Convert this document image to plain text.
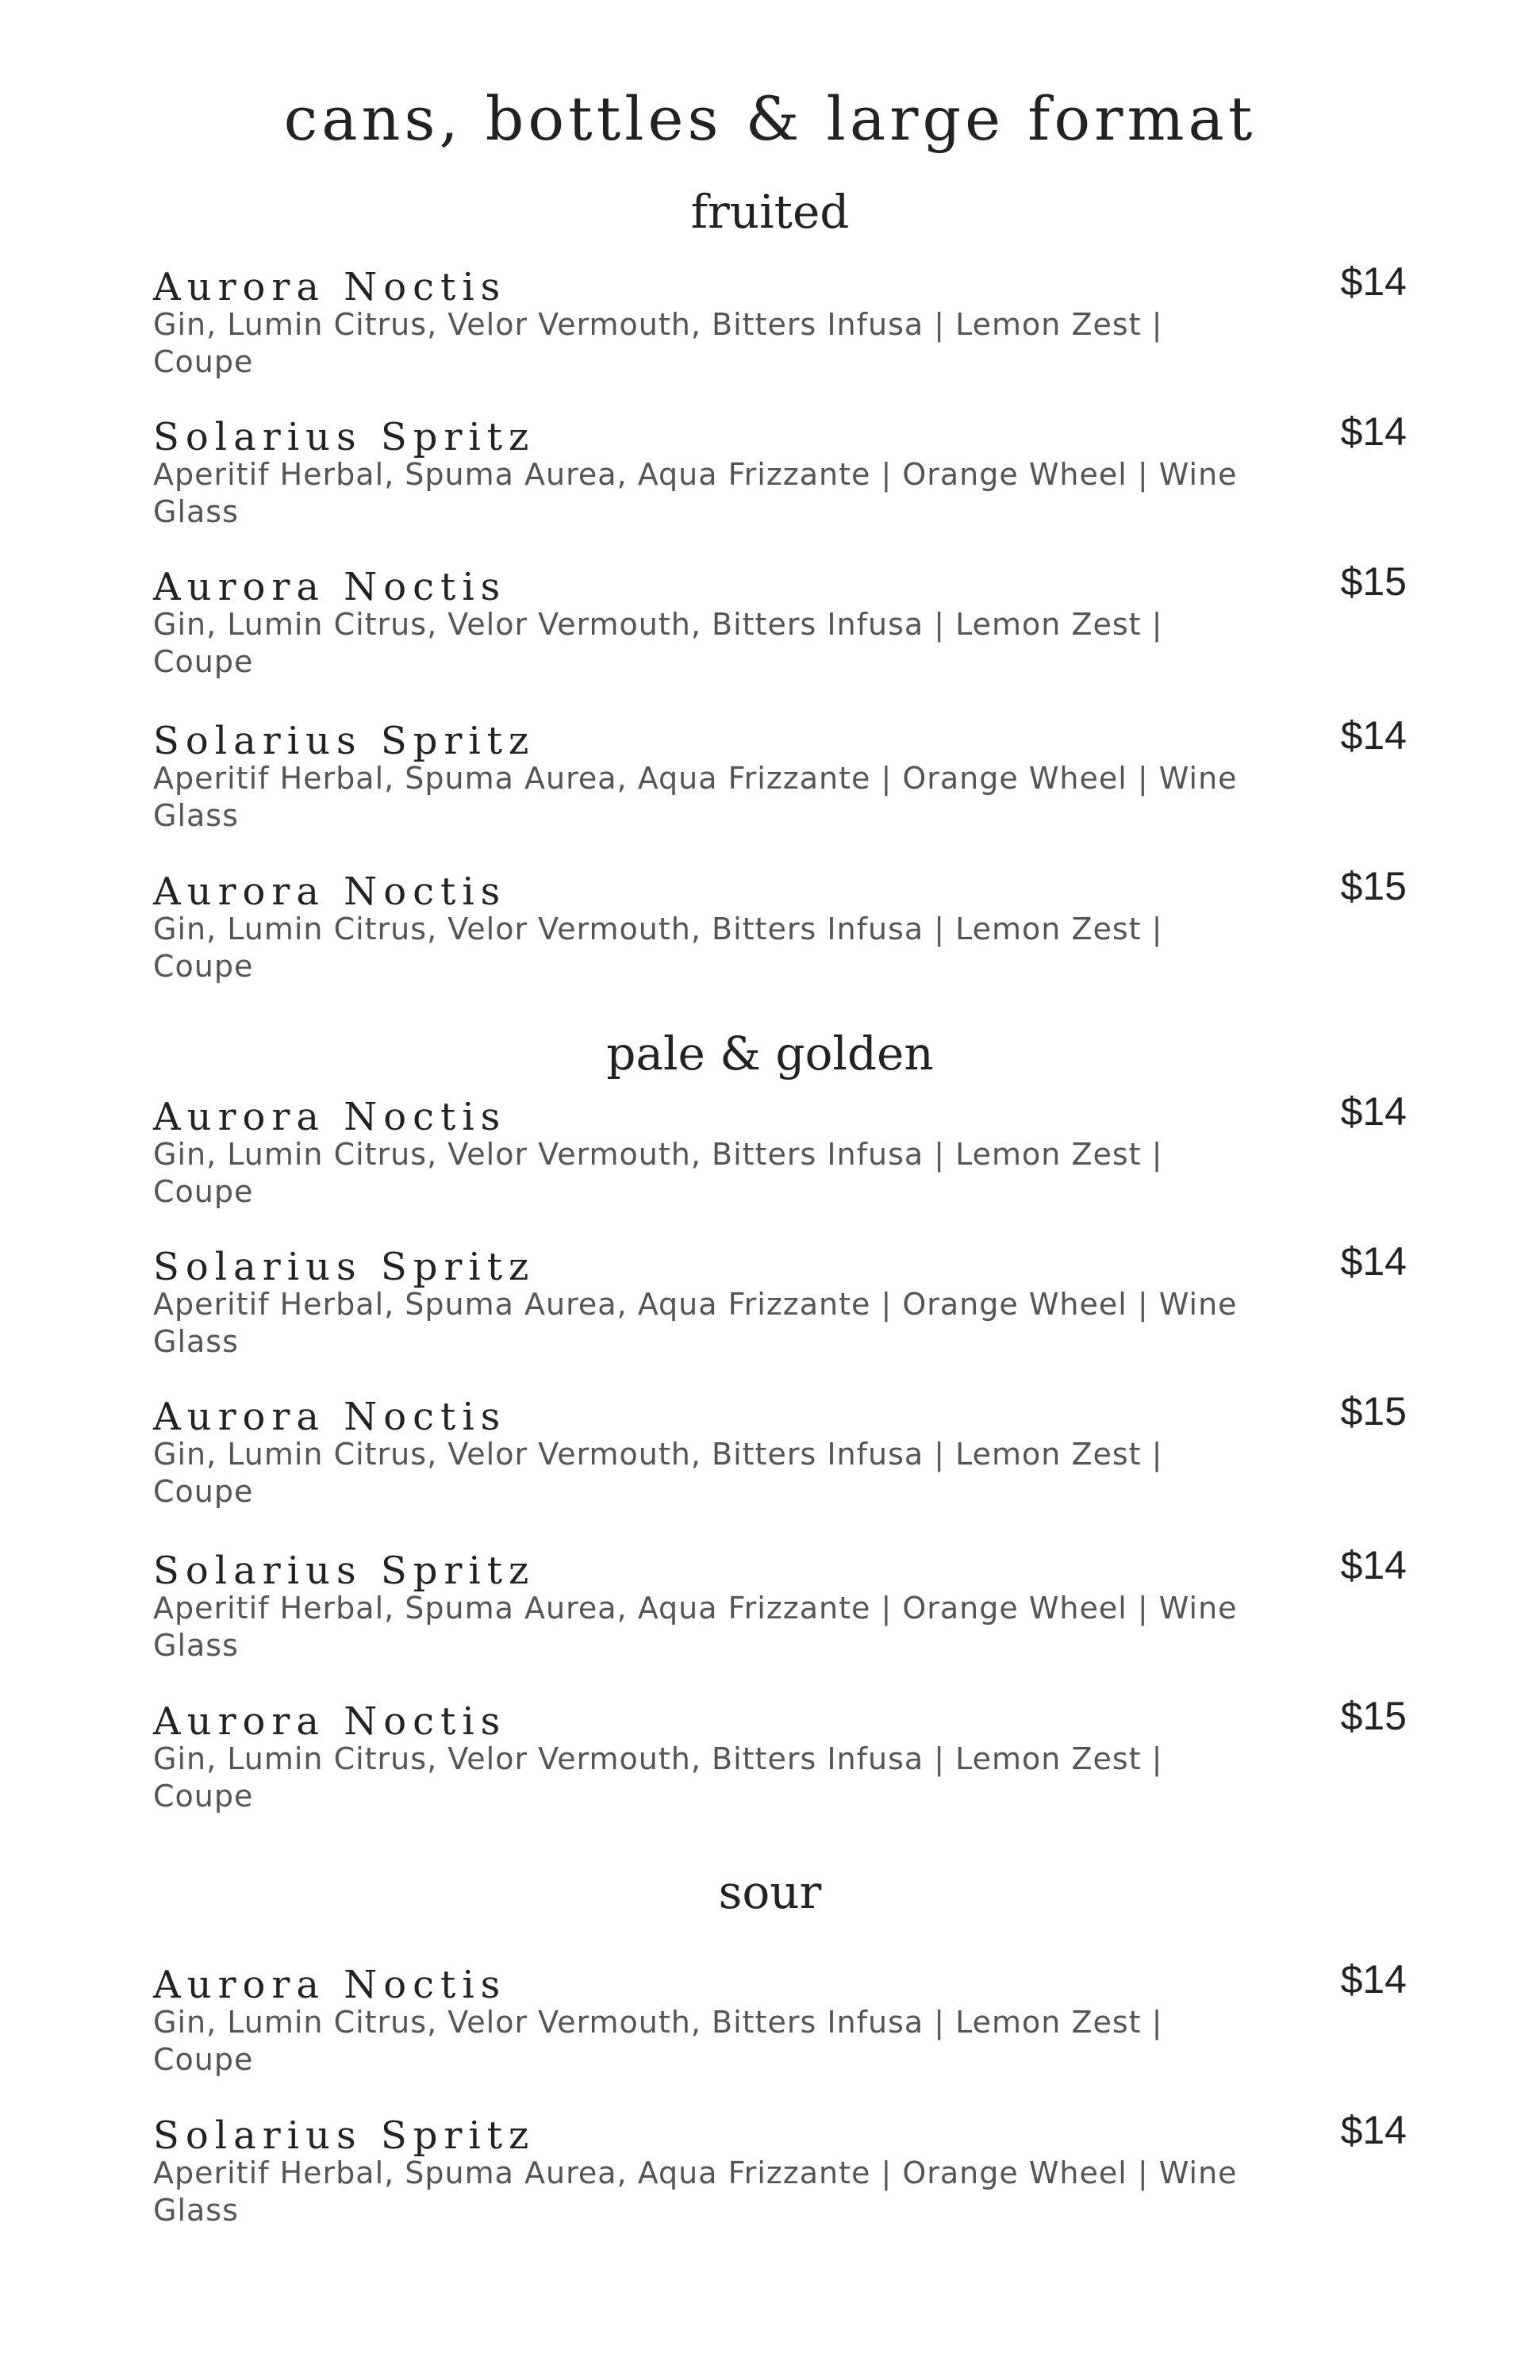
cans, bottles & large format
fruited
Aurora Noctis
Gin, Lumin Citrus, Velor Vermouth, Bitters Infusa | Lemon Zest | Coupe
$14
Solarius Spritz
Aperitif Herbal, Spuma Aurea, Aqua Frizzante | Orange Wheel | Wine Glass
$14
Aurora Noctis
Gin, Lumin Citrus, Velor Vermouth, Bitters Infusa | Lemon Zest | Coupe
$15
Solarius Spritz
Aperitif Herbal, Spuma Aurea, Aqua Frizzante | Orange Wheel | Wine Glass
$14
Aurora Noctis
Gin, Lumin Citrus, Velor Vermouth, Bitters Infusa | Lemon Zest | Coupe
$15
pale & golden
Aurora Noctis
Gin, Lumin Citrus, Velor Vermouth, Bitters Infusa | Lemon Zest | Coupe
$14
Solarius Spritz
Aperitif Herbal, Spuma Aurea, Aqua Frizzante | Orange Wheel | Wine Glass
$14
Aurora Noctis
Gin, Lumin Citrus, Velor Vermouth, Bitters Infusa | Lemon Zest | Coupe
$15
Solarius Spritz
Aperitif Herbal, Spuma Aurea, Aqua Frizzante | Orange Wheel | Wine Glass
$14
Aurora Noctis
Gin, Lumin Citrus, Velor Vermouth, Bitters Infusa | Lemon Zest | Coupe
$15
sour
Aurora Noctis
Gin, Lumin Citrus, Velor Vermouth, Bitters Infusa | Lemon Zest | Coupe
$14
Solarius Spritz
Aperitif Herbal, Spuma Aurea, Aqua Frizzante | Orange Wheel | Wine Glass
$14
